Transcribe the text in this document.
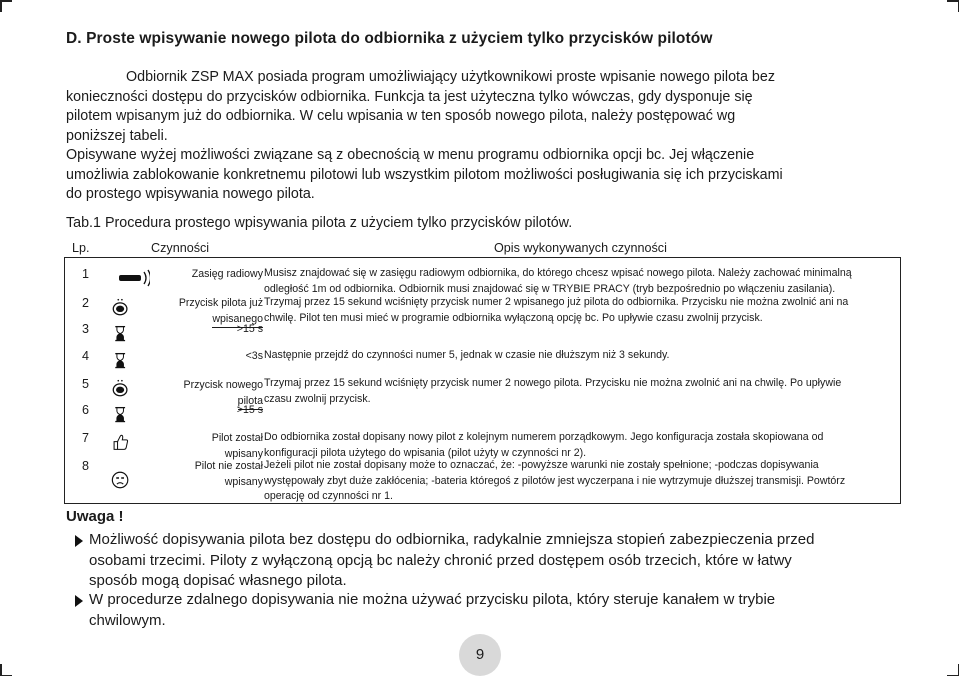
D. Proste wpisywanie nowego pilota do odbiornika z użyciem tylko przycisków pilotów

Odbiornik ZSP MAX posiada program umożliwiający użytkownikowi proste wpisanie nowego pilota bez

konieczności dostępu do przycisków odbiornika. Funkcja ta jest użyteczna tylko wówczas, gdy dysponuje się

pilotem wpisanym już do odbiornika. W celu wpisania w ten sposób nowego pilota, należy postępować wg

poniższej tabeli.

Opisywane wyżej możliwości związane są z obecnością w menu programu odbiornika opcji bc. Jej włączenie

umożliwia zablokowanie konkretnemu pilotowi lub wszystkim pilotom możliwości posługiwania się ich przyciskami

do prostego wpisywania nowego pilota.

Tab.1 Procedura prostego wpisywania pilota z użyciem tylko przycisków pilotów.

Lp.	Czynności	Opis wykonywanych czynności
1	Zasięg radiowy Musisz znajdować się w zasięgu radiowym odbiornika, do którego chcesz wpisać nowego pilota. Należy zachować minimalną
odległość 1m od odbiornika. Odbiornik musi znajdować się w TRYBIE PRACY (tryb bezpośrednio po włączeniu zasilania).
2	Przycisk pilota już
wpisanego
Trzymaj przez 15 sekund wciśnięty przycisk numer 2 wpisanego już pilota do odbiornika. Przycisku nie można zwolnić ani na
chwilę. Pilot ten musi mieć w programie odbiornika wyłączoną opcję bc. Po upływie czasu zwolnij przycisk.
3	>15 s
4	<3s Następnie przejdź do czynności numer 5, jednak w czasie nie dłuższym niż 3 sekundy.
5	Przycisk nowego
pilota
Trzymaj przez 15 sekund wciśnięty przycisk numer 2 nowego pilota. Przycisku nie można zwolnić ani na chwilę. Po upływie
czasu zwolnij przycisk.
6	>15 s
7	Pilot został
wpisany
Do odbiornika został dopisany nowy pilot z kolejnym numerem porządkowym. Jego konfiguracja została skopiowana od
konfiguracji pilota użytego do wpisania (pilot użyty w czynności nr 2).
8	Pilot nie został
wpisany
Jeżeli pilot nie został dopisany może to oznaczać, że: -powyższe warunki nie zostały spełnione; -podczas dopisywania
występowały zbyt duże zakłócenia; -bateria któregoś z pilotów jest wyczerpana i nie wytrzymuje dłuższej transmisji. Powtórz
operację od czynności nr 1.
Uwaga !
Możliwość dopisywania pilota bez dostępu do odbiornika, radykalnie zmniejsza stopień zabezpieczenia przed
osobami trzecimi. Piloty z wyłączoną opcją bc należy chronić przed dostępem osób trzecich, które w łatwy
sposób mogą dopisać własnego pilota.
W procedurze zdalnego dopisywania nie można używać przycisku pilota, który steruje kanałem w trybie
chwilowym.
9
